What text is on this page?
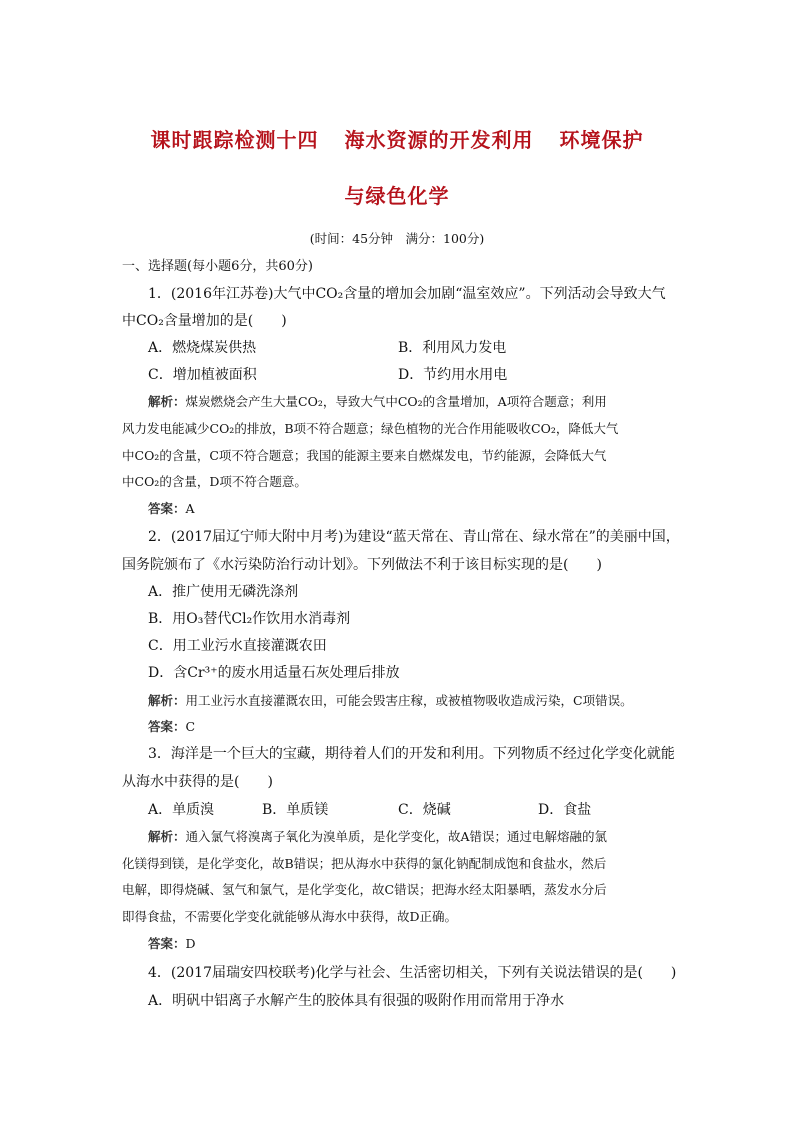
课时跟踪检测十四 海水资源的开发利用 环境保护
与绿色化学
(时间：45分钟　满分：100分)
一、选择题(每小题6分，共60分)
1．(2016年江苏卷)大气中CO₂含量的增加会加剧“温室效应”。下列活动会导致大气
中CO₂含量增加的是(　　)
A．燃烧煤炭供热	B．利用风力发电
C．增加植被面积	D．节约用水用电
解析：煤炭燃烧会产生大量CO₂，导致大气中CO₂的含量增加，A项符合题意；利用
风力发电能减少CO₂的排放，B项不符合题意；绿色植物的光合作用能吸收CO₂，降低大气
中CO₂的含量，C项不符合题意；我国的能源主要来自燃煤发电，节约能源，会降低大气
中CO₂的含量，D项不符合题意。
答案：A
2．(2017届辽宁师大附中月考)为建设“蓝天常在、青山常在、绿水常在”的美丽中国，
国务院颁布了《水污染防治行动计划》。下列做法不利于该目标实现的是(　　)
A．推广使用无磷洗涤剂
B．用O₃替代Cl₂作饮用水消毒剂
C．用工业污水直接灌溉农田
D．含Cr³⁺的废水用适量石灰处理后排放
解析：用工业污水直接灌溉农田，可能会毁害庄稼，或被植物吸收造成污染，C项错误。
答案：C
3．海洋是一个巨大的宝藏，期待着人们的开发和利用。下列物质不经过化学变化就能
从海水中获得的是(　　)
A．单质溴	B．单质镁	C．烧碱	D．食盐
解析：通入氯气将溴离子氧化为溴单质，是化学变化，故A错误；通过电解熔融的氯
化镁得到镁，是化学变化，故B错误；把从海水中获得的氯化钠配制成饱和食盐水，然后
电解，即得烧碱、氢气和氯气，是化学变化，故C错误；把海水经太阳暴晒，蒸发水分后
即得食盐，不需要化学变化就能够从海水中获得，故D正确。
答案：D
4．(2017届瑞安四校联考)化学与社会、生活密切相关，下列有关说法错误的是(　　)
A．明矾中铝离子水解产生的胶体具有很强的吸附作用而常用于净水
